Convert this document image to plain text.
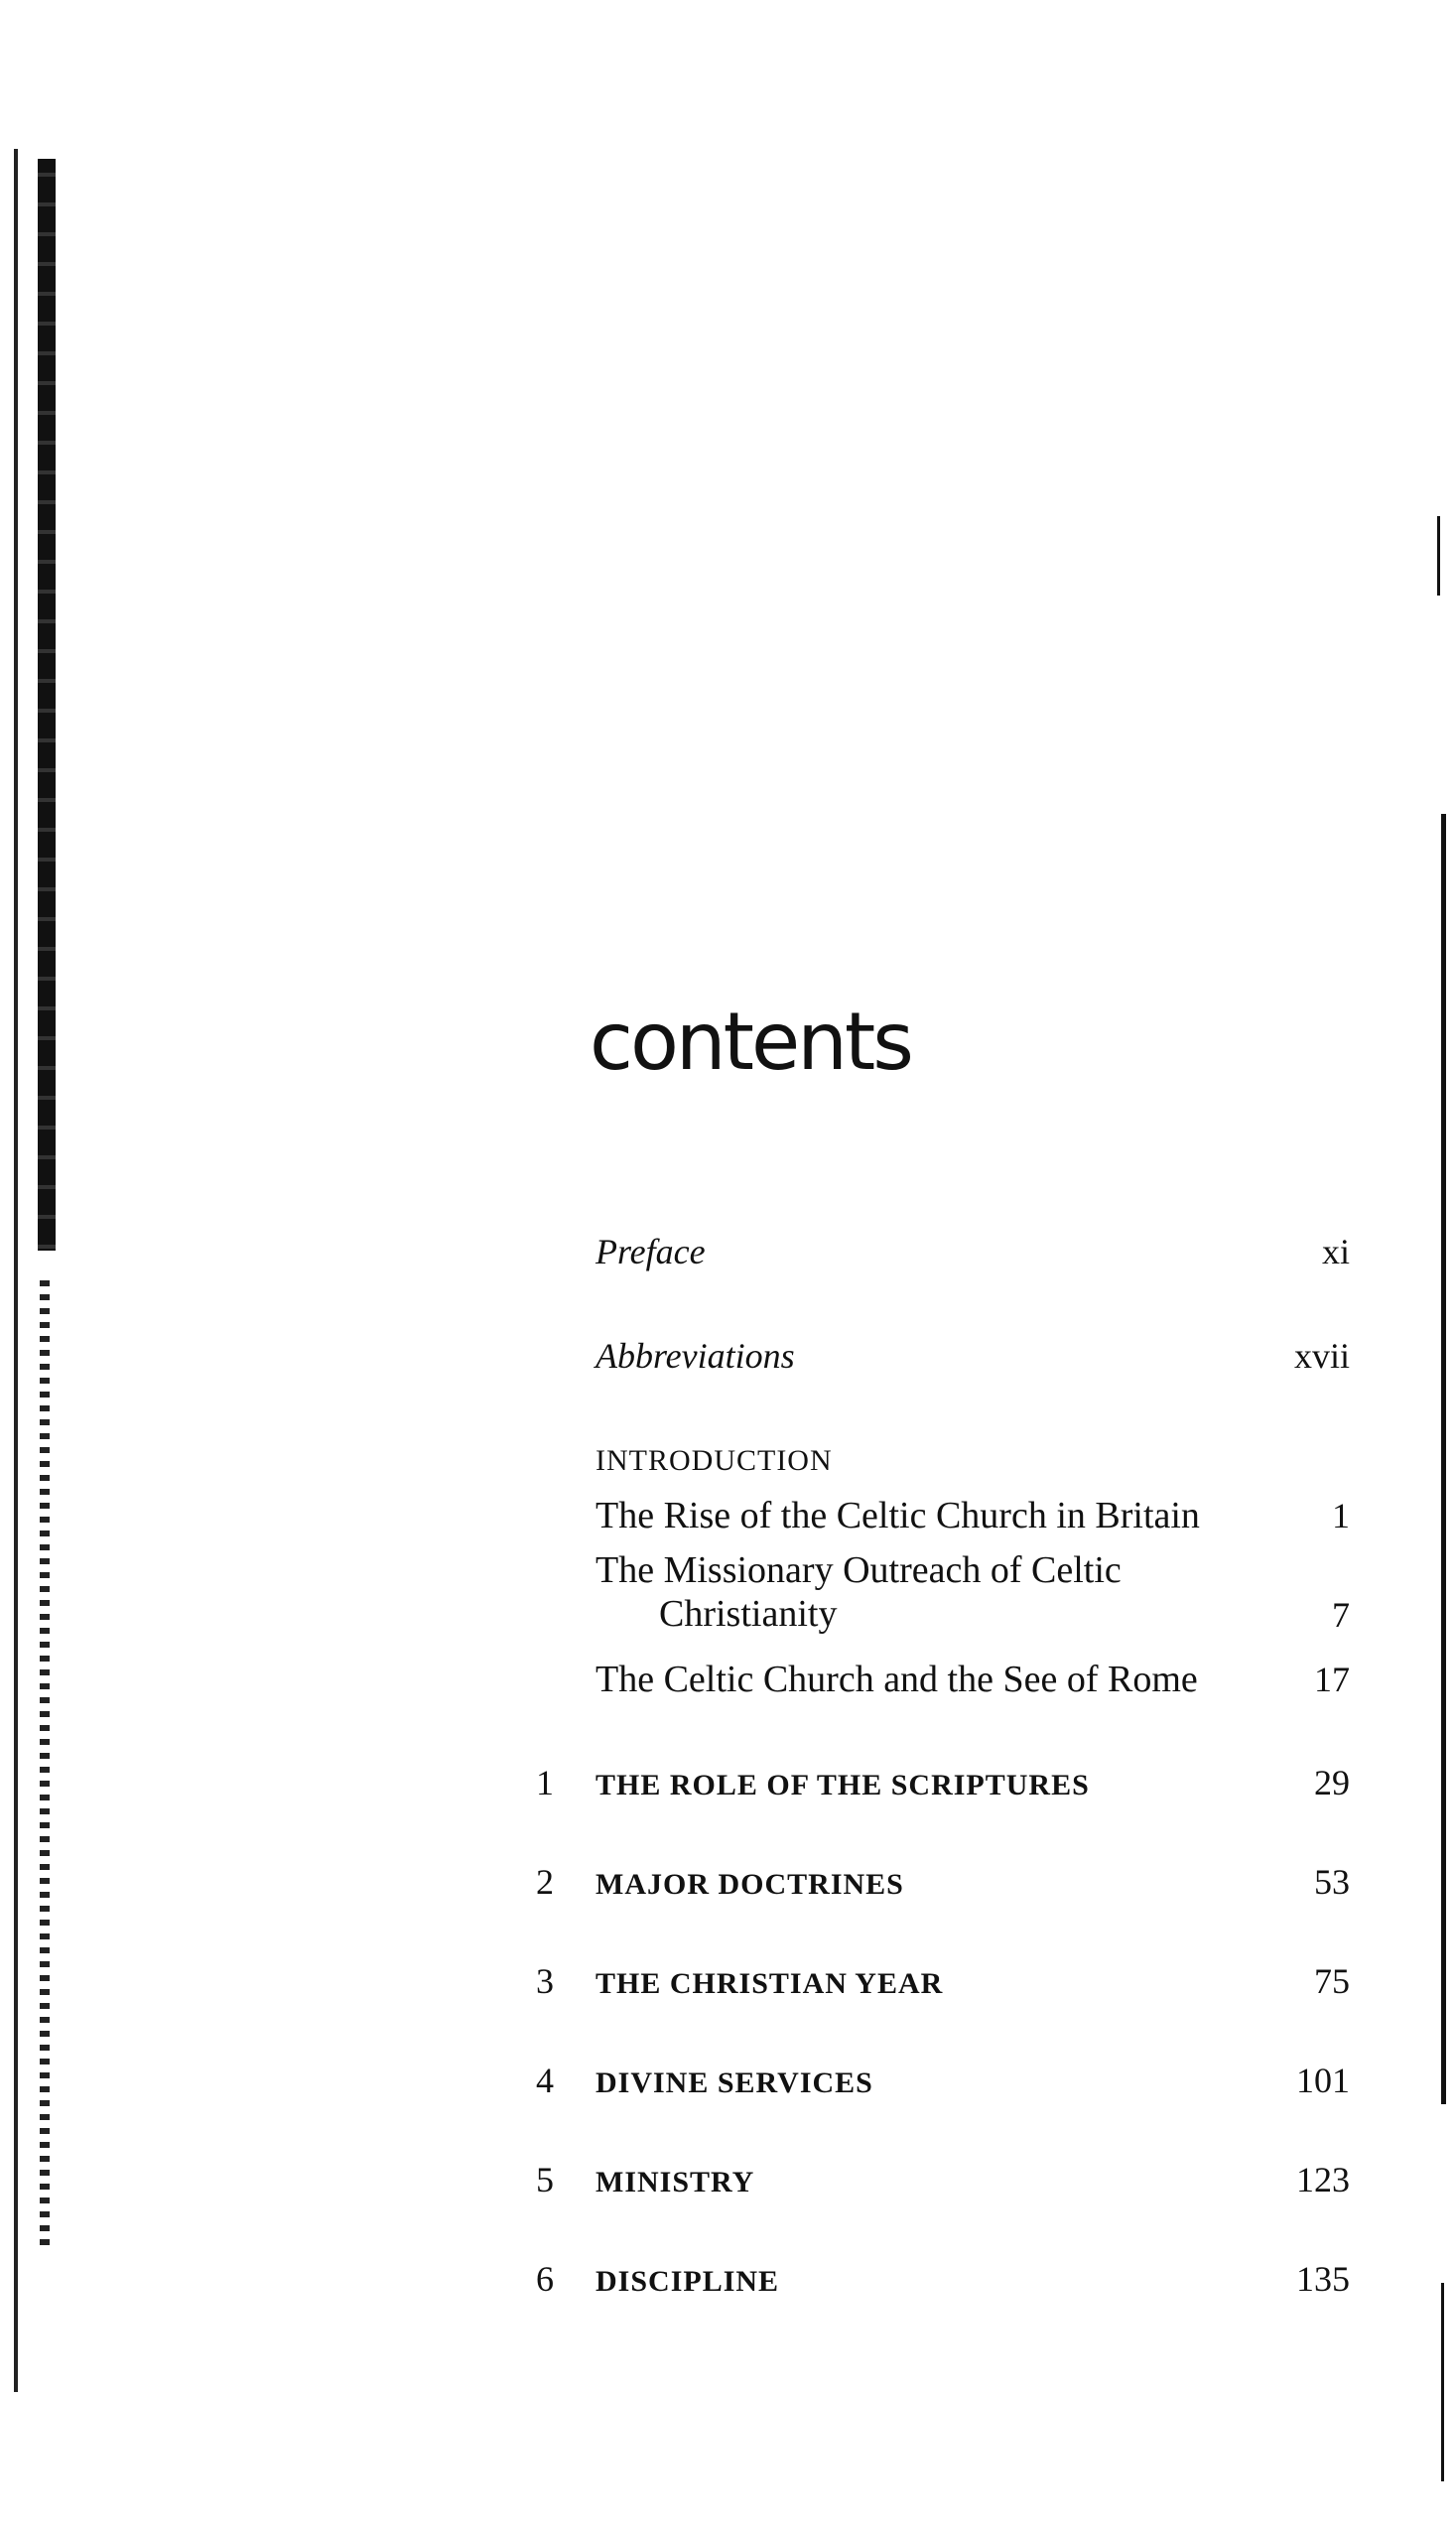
contents
Preface	xi
Abbreviations	xvii
INTRODUCTION
The Rise of the Celtic Church in Britain	1
The Missionary Outreach of Celtic
Christianity	7
The Celtic Church and the See of Rome	17
1	THE ROLE OF THE SCRIPTURES	29
2	MAJOR DOCTRINES	53
3	THE CHRISTIAN YEAR	75
4	DIVINE SERVICES	101
5	MINISTRY	123
6	DISCIPLINE	135
